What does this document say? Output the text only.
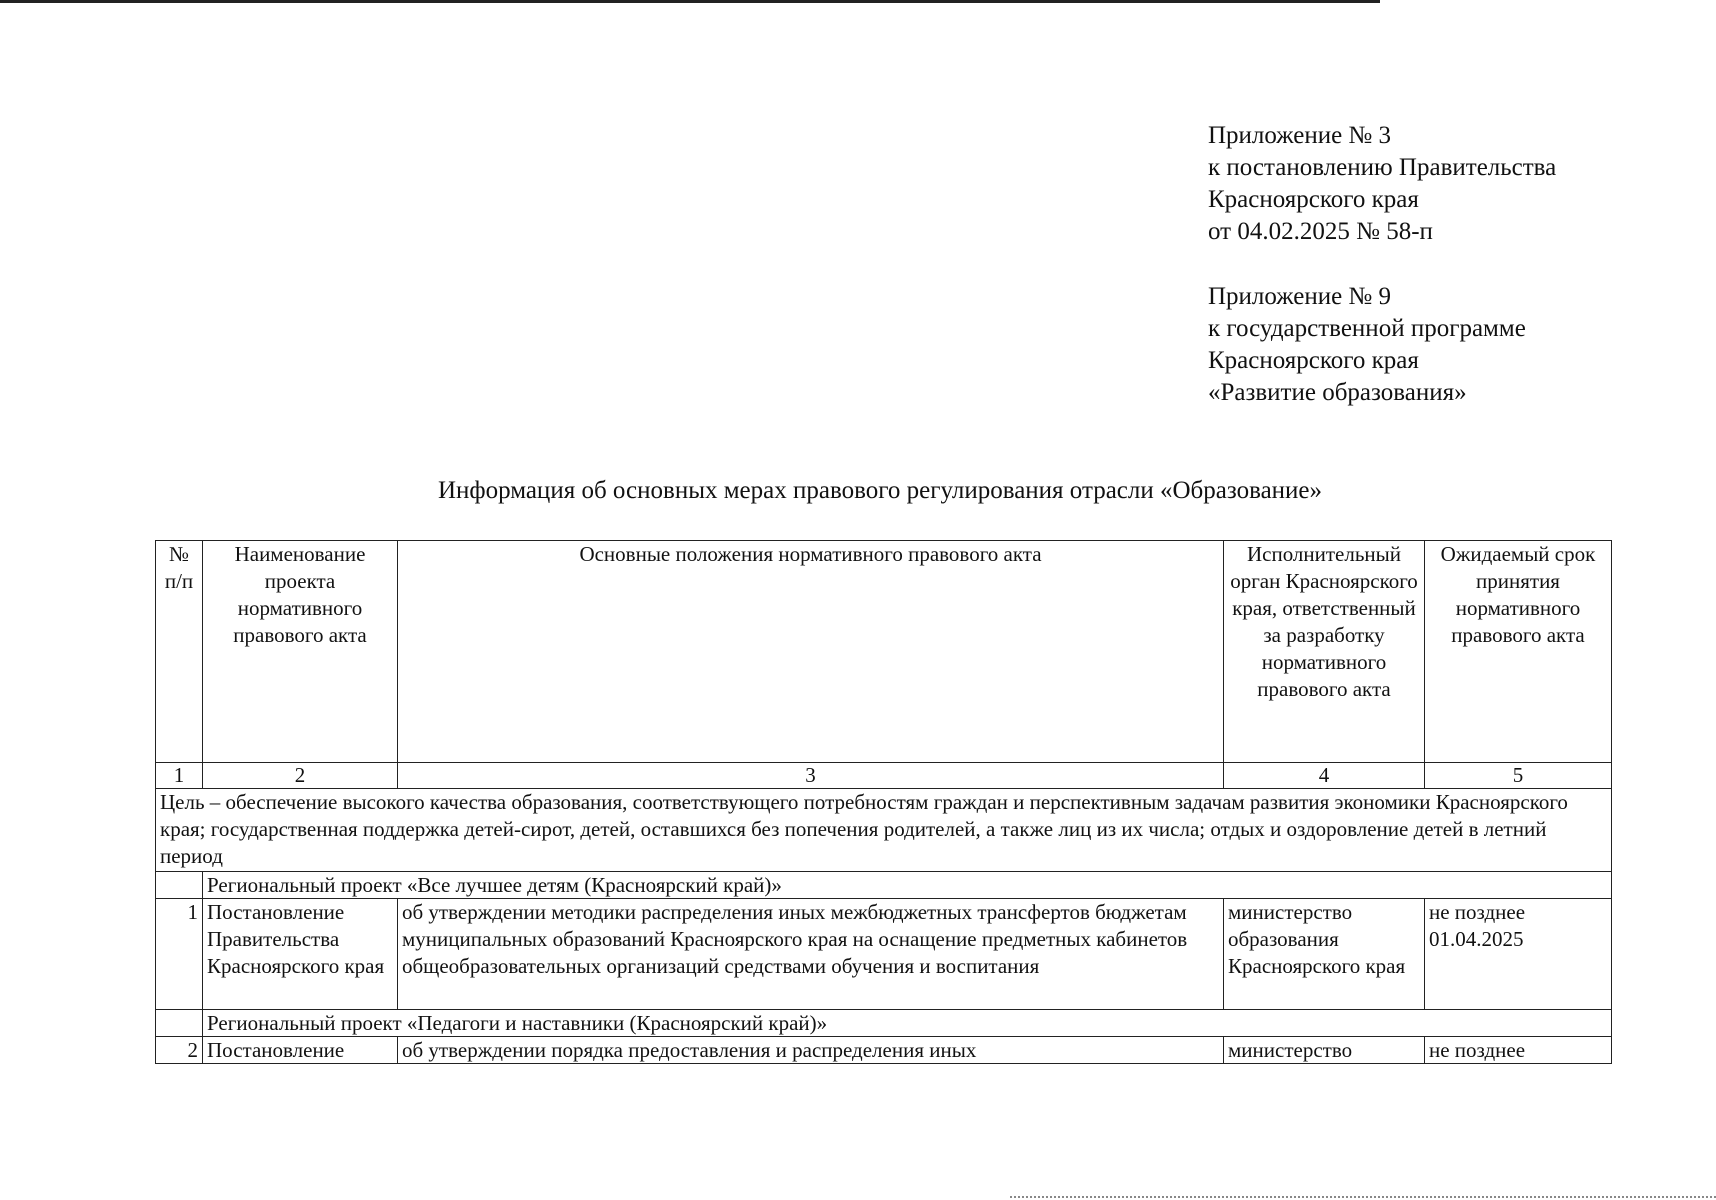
Приложение № 3
к постановлению Правительства
Красноярского края
от 04.02.2025 № 58-п
Приложение № 9
к государственной программе
Красноярского края
«Развитие образования»
Информация об основных мерах правового регулирования отрасли «Образование»
№ п/п	Наименование проекта нормативного правового акта	Основные положения нормативного правового акта	Исполнительный орган Красноярского края, ответственный за разработку нормативного правового акта	Ожидаемый срок принятия нормативного правового акта
1	2	3	4	5
Цель – обеспечение высокого качества образования, соответствующего потребностям граждан и перспективным задачам развития экономики Красноярского края; государственная поддержка детей-сирот, детей, оставшихся без попечения родителей, а также лиц из их числа; отдых и оздоровление детей в летний период				
	Региональный проект «Все лучшее детям (Красноярский край)»			
1	Постановление Правительства Красноярского края	об утверждении методики распределения иных межбюджетных трансфертов бюджетам муниципальных образований Красноярского края на оснащение предметных кабинетов общеобразовательных организаций средствами обучения и воспитания	министерство образования Красноярского края	не позднее 01.04.2025
	Региональный проект «Педагоги и наставники (Красноярский край)»			
2	Постановление	об утверждении порядка предоставления и распределения иных	министерство	не позднее
